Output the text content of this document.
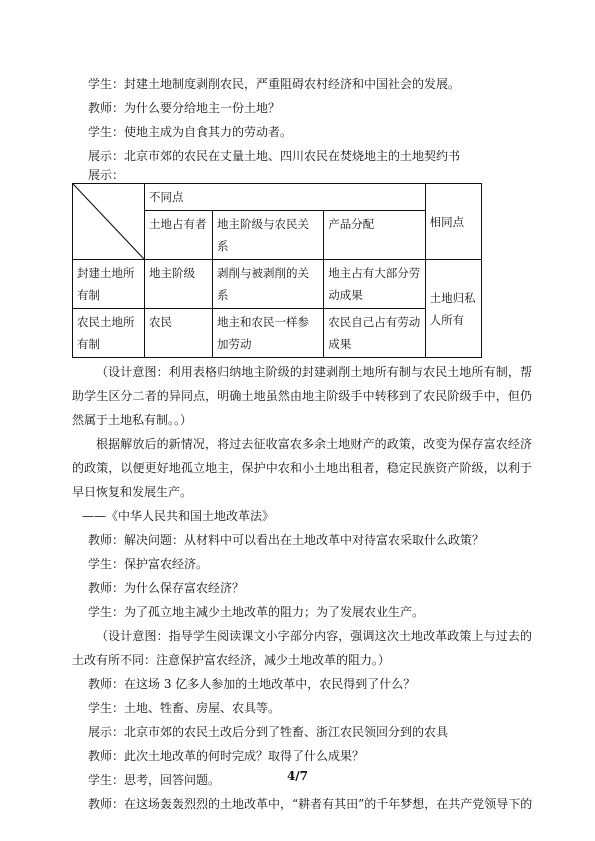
学生：封建土地制度剥削农民，严重阻碍农村经济和中国社会的发展。
教师：为什么要分给地主一份土地？
学生：使地主成为自食其力的劳动者。
展示：北京市郊的农民在丈量土地、四川农民在焚烧地主的土地契约书
展示：
	不同点			相同点
	土地占有者	地主阶级与农民关系	产品分配	
封建土地所有制	地主阶级	剥削与被剥削的关系	地主占有大部分劳动成果	土地归私人所有
农民土地所有制	农民	地主和农民一样参加劳动	农民自己占有劳动成果	
（设计意图：利用表格归纳地主阶级的封建剥削土地所有制与农民土地所有制，帮助学生区分二者的异同点，明确土地虽然由地主阶级手中转移到了农民阶级手中，但仍然属于土地私有制。。）
根据解放后的新情况，将过去征收富农多余土地财产的政策，改变为保存富农经济的政策，以便更好地孤立地主，保护中农和小土地出租者，稳定民族资产阶级，以利于早日恢复和发展生产。
——《中华人民共和国土地改革法》
教师：解决问题：从材料中可以看出在土地改革中对待富农采取什么政策？
学生：保护富农经济。
教师：为什么保存富农经济？
学生：为了孤立地主减少土地改革的阻力；为了发展农业生产。
（设计意图：指导学生阅读课文小字部分内容，强调这次土地改革政策上与过去的土改有所不同：注意保护富农经济，减少土地改革的阻力。）
教师：在这场 3 亿多人参加的土地改革中，农民得到了什么？
学生：土地、牲畜、房屋、农具等。
展示：北京市郊的农民土改后分到了牲畜、浙江农民领回分到的农具
教师：此次土地改革的何时完成？取得了什么成果？
学生：思考，回答问题。
教师：在这场轰轰烈烈的土地改革中，“耕者有其田”的千年梦想，在共产党领导下的
4/7
